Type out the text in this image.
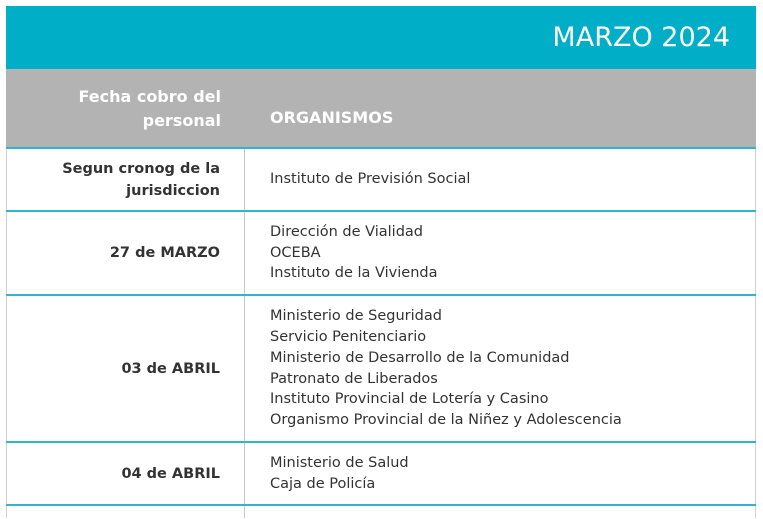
MARZO 2024
Fecha cobro del personal	ORGANISMOS
Segun cronog de la jurisdiccion
Instituto de Previsión Social
27 de MARZO
Dirección de Vialidad
OCEBA
Instituto de la Vivienda
03 de ABRIL
Ministerio de Seguridad
Servicio Penitenciario
Ministerio de Desarrollo de la Comunidad
Patronato de Liberados
Instituto Provincial de Lotería y Casino
Organismo Provincial de la Niñez y Adolescencia
04 de ABRIL
Ministerio de Salud
Caja de Policía
